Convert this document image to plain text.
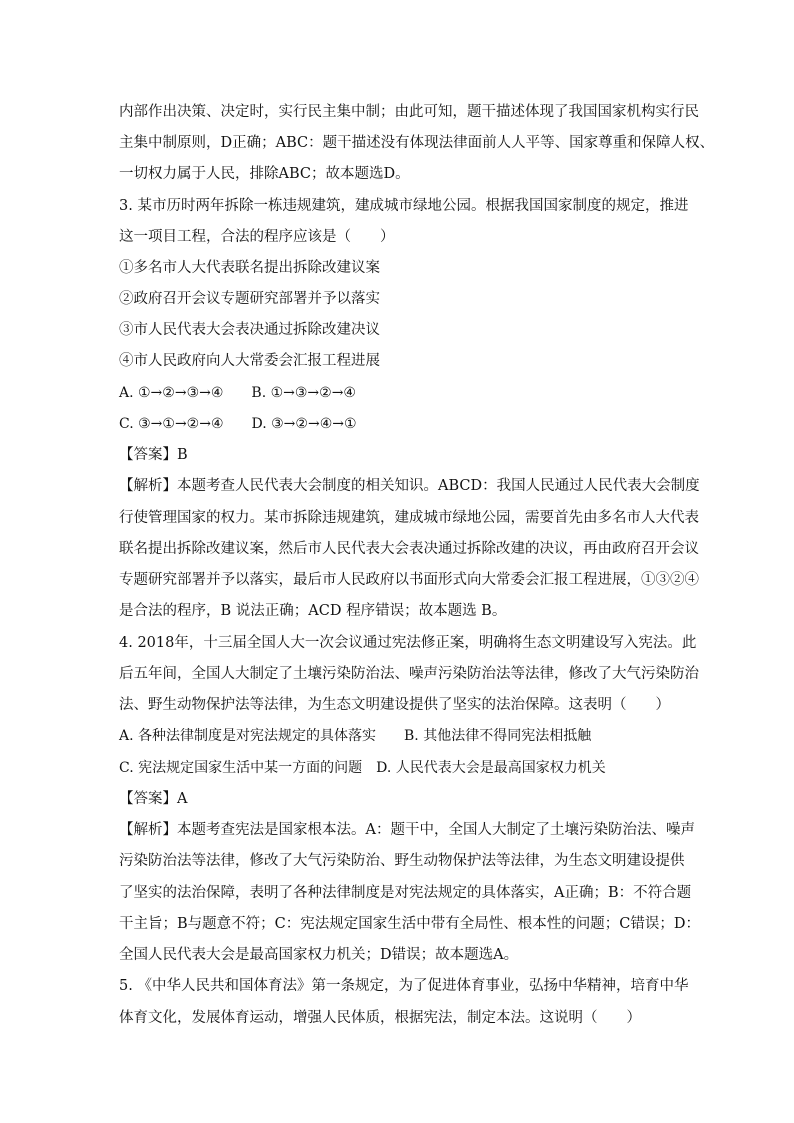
内部作出决策、决定时，实行民主集中制；由此可知，题干描述体现了我国国家机构实行民
主集中制原则，D正确；ABC：题干描述没有体现法律面前人人平等、国家尊重和保障人权、
一切权力属于人民，排除ABC；故本题选D。
3. 某市历时两年拆除一栋违规建筑，建成城市绿地公园。根据我国国家制度的规定，推进
这一项目工程，合法的程序应该是（　　）
①多名市人大代表联名提出拆除改建议案
②政府召开会议专题研究部署并予以落实
③市人民代表大会表决通过拆除改建决议
④市人民政府向人大常委会汇报工程进展
A. ①→②→③→④　　B. ①→③→②→④
C. ③→①→②→④　　D. ③→②→④→①
【答案】B
【解析】本题考查人民代表大会制度的相关知识。ABCD：我国人民通过人民代表大会制度
行使管理国家的权力。某市拆除违规建筑，建成城市绿地公园，需要首先由多名市人大代表
联名提出拆除改建议案，然后市人民代表大会表决通过拆除改建的决议，再由政府召开会议
专题研究部署并予以落实，最后市人民政府以书面形式向大常委会汇报工程进展，①③②④
是合法的程序，B 说法正确；ACD 程序错误；故本题选 B。
4. 2018年，十三届全国人大一次会议通过宪法修正案，明确将生态文明建设写入宪法。此
后五年间，全国人大制定了土壤污染防治法、噪声污染防治法等法律，修改了大气污染防治
法、野生动物保护法等法律，为生态文明建设提供了坚实的法治保障。这表明（　　）
A. 各种法律制度是对宪法规定的具体落实　　B. 其他法律不得同宪法相抵触
C. 宪法规定国家生活中某一方面的问题　D. 人民代表大会是最高国家权力机关
【答案】A
【解析】本题考查宪法是国家根本法。A：题干中，全国人大制定了土壤污染防治法、噪声
污染防治法等法律，修改了大气污染防治、野生动物保护法等法律，为生态文明建设提供
了坚实的法治保障，表明了各种法律制度是对宪法规定的具体落实，A正确；B：不符合题
干主旨；B与题意不符；C：宪法规定国家生活中带有全局性、根本性的问题；C错误；D：
全国人民代表大会是最高国家权力机关；D错误；故本题选A。
5. 《中华人民共和国体育法》第一条规定，为了促进体育事业，弘扬中华精神，培育中华
体育文化，发展体育运动，增强人民体质，根据宪法，制定本法。这说明（　　）
